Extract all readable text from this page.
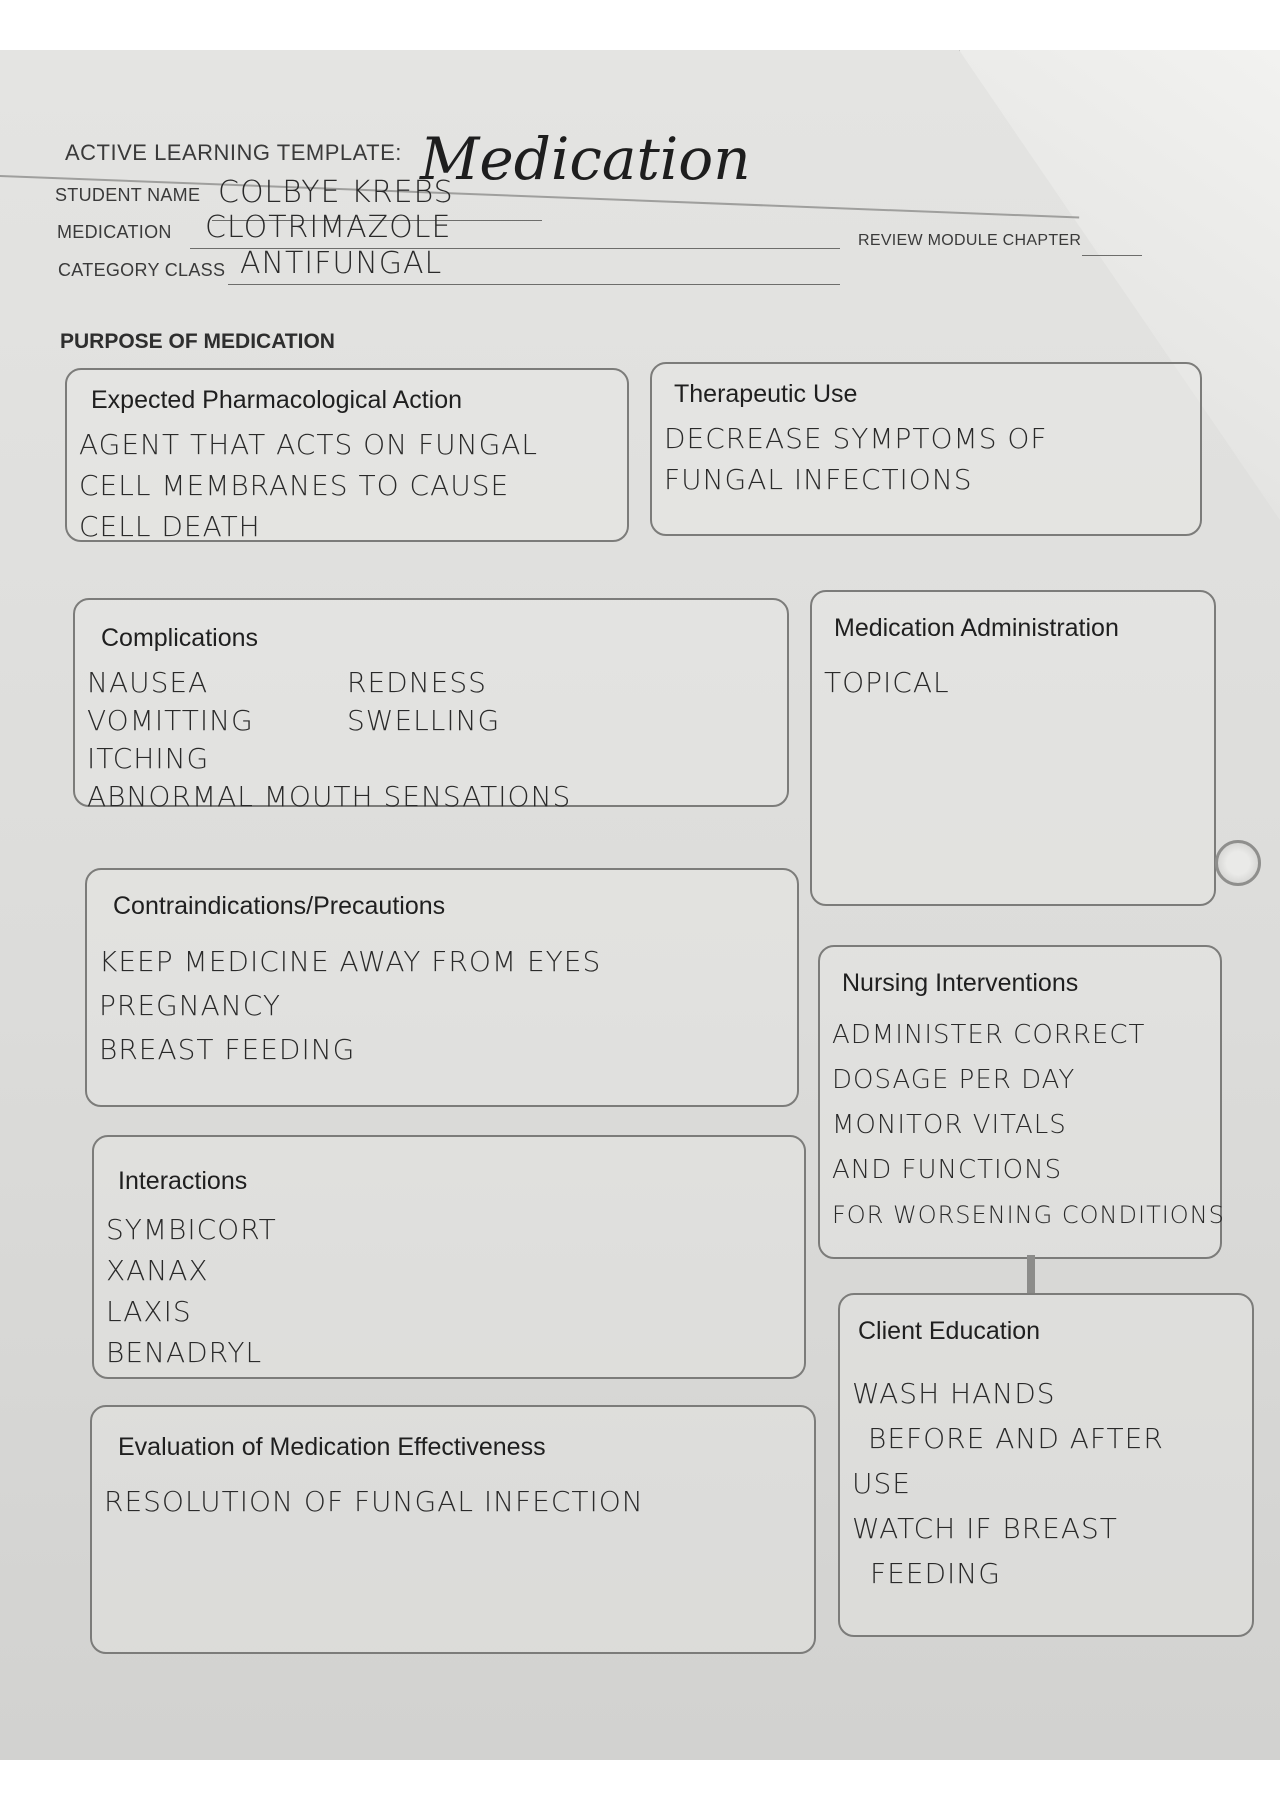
ACTIVE LEARNING TEMPLATE: Medication
STUDENT NAME COLBYE KREBS
MEDICATION CLOTRIMAZOLE	REVIEW MODULE CHAPTER
CATEGORY CLASS ANTIFUNGAL
PURPOSE OF MEDICATION
Expected Pharmacological Action
AGENT THAT ACTS ON FUNGAL
CELL MEMBRANES TO CAUSE
CELL DEATH
Therapeutic Use
DECREASE SYMPTOMS OF
FUNGAL INFECTIONS
Complications
NAUSEA
VOMITTING
REDNESS
SWELLING
ITCHING
ABNORMAL MOUTH SENSATIONS
Medication Administration
TOPICAL
Contraindications/Precautions
KEEP MEDICINE AWAY FROM EYES
PREGNANCY
BREAST FEEDING
Nursing Interventions
ADMINISTER CORRECT
DOSAGE PER DAY
MONITOR VITALS
AND FUNCTIONS
FOR WORSENING CONDITIONS
Interactions
SYMBICORT
XANAX
LAXIS
BENADRYL
Client Education
WASH HANDS
BEFORE AND AFTER
USE
WATCH IF BREAST
FEEDING
Evaluation of Medication Effectiveness
RESOLUTION OF FUNGAL INFECTION
